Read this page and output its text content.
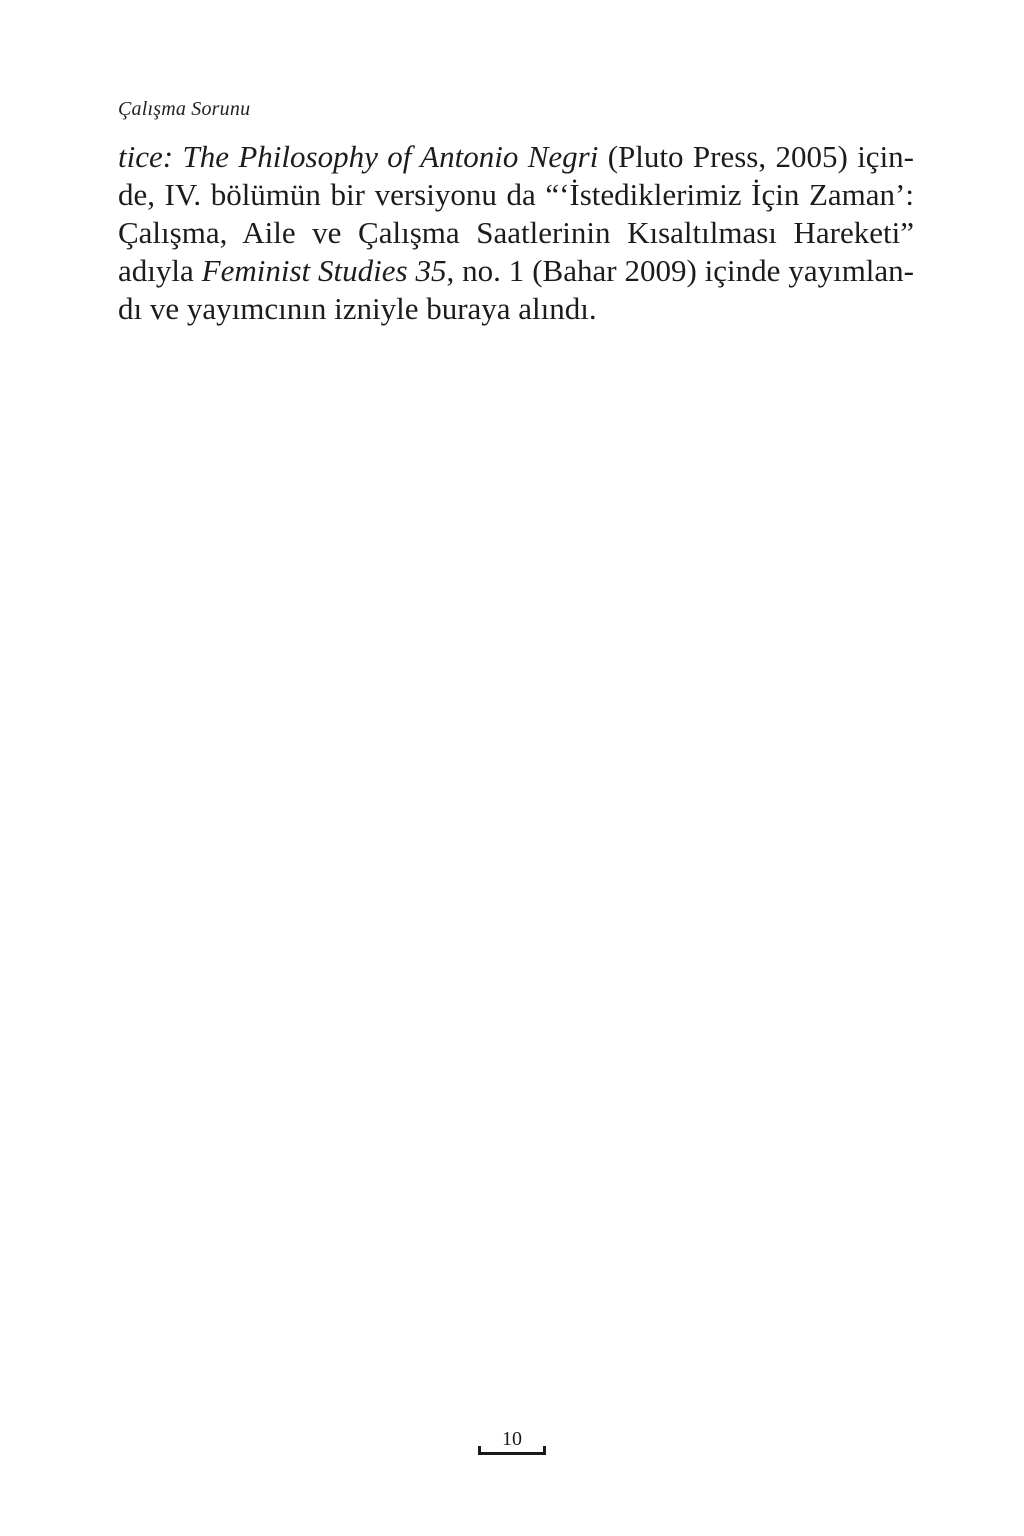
Çalışma Sorunu
tice: The Philosophy of Antonio Negri (Pluto Press, 2005) için-
de, IV. bölümün bir versiyonu da “‘İstediklerimiz İçin Zaman’:
Çalışma, Aile ve Çalışma Saatlerinin Kısaltılması Hareketi”
adıyla Feminist Studies 35, no. 1 (Bahar 2009) içinde yayımlan-
dı ve yayımcının izniyle buraya alındı.
10
